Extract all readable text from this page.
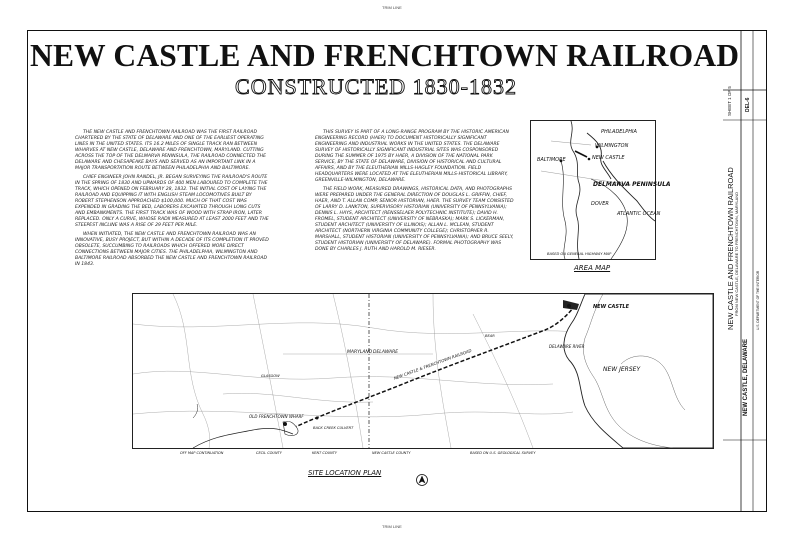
TRIM LINE
TRIM LINE
NEW CASTLE AND FRENCHTOWN RAILROAD
CONSTRUCTED 1830-1832

THE NEW CASTLE AND FRENCHTOWN RAILROAD WAS THE FIRST RAILROAD CHARTERED BY THE STATE OF DELAWARE AND ONE OF THE EARLIEST OPERATING LINES IN THE UNITED STATES. ITS 16.2 MILES OF SINGLE TRACK RAN BETWEEN WHARVES AT NEW CASTLE, DELAWARE AND FRENCHTOWN, MARYLAND. CUTTING ACROSS THE TOP OF THE DELMARVA PENINSULA, THE RAILROAD CONNECTED THE DELAWARE AND CHESAPEAKE BAYS AND SERVED AS AN IMPORTANT LINK IN A MAJOR TRANSPORTATION ROUTE BETWEEN PHILADELPHIA AND BALTIMORE.

CHIEF ENGINEER JOHN RANDEL, JR. BEGAN SURVEYING THE RAILROAD'S ROUTE IN THE SPRING OF 1830 AND UPWARDS OF 400 MEN LABOURED TO COMPLETE THE TRACK, WHICH OPENED ON FEBRUARY 28, 1832. THE INITIAL COST OF LAYING THE RAILROAD AND EQUIPPING IT WITH ENGLISH STEAM LOCOMOTIVES BUILT BY ROBERT STEPHENSON APPROACHED $100,000. MUCH OF THAT COST WAS EXPENDED IN GRADING THE BED, LABORERS EXCAVATED THROUGH LONG CUTS AND EMBANKMENTS. THE FIRST TRACK WAS OF WOOD WITH STRAP IRON, LATER REPLACED. ONLY A CURVE, WHOSE RADII MEASURED AT LEAST 2000 FEET AND THE STEEPEST INCLINE WAS A RISE OF 29 FEET PER MILE.

WHEN INITIATED, THE NEW CASTLE AND FRENCHTOWN RAILROAD WAS AN INNOVATIVE, BUSY PROJECT, BUT WITHIN A DECADE OF ITS COMPLETION IT PROVED OBSOLETE, SUCCUMBING TO RAILROADS WHICH OFFERED MORE DIRECT CONNECTIONS BETWEEN MAJOR CITIES. THE PHILADELPHIA, WILMINGTON AND BALTIMORE RAILROAD ABSORBED THE NEW CASTLE AND FRENCHTOWN RAILROAD IN 1843.

THIS SURVEY IS PART OF A LONG-RANGE PROGRAM BY THE HISTORIC AMERICAN ENGINEERING RECORD (HAER) TO DOCUMENT HISTORICALLY SIGNIFICANT ENGINEERING AND INDUSTRIAL WORKS IN THE UNITED STATES. THE DELAWARE SURVEY OF HISTORICALLY SIGNIFICANT INDUSTRIAL SITES WAS COSPONSORED DURING THE SUMMER OF 1975 BY HAER, A DIVISION OF THE NATIONAL PARK SERVICE, BY THE STATE OF DELAWARE, DIVISION OF HISTORICAL AND CULTURAL AFFAIRS, AND BY THE ELEUTHERIAN MILLS-HAGLEY FOUNDATION. FIELD HEADQUARTERS WERE LOCATED AT THE ELEUTHERIAN MILLS-HISTORICAL LIBRARY, GREENVILLE-WILMINGTON, DELAWARE.

THE FIELD WORK, MEASURED DRAWINGS, HISTORICAL DATA, AND PHOTOGRAPHS WERE PREPARED UNDER THE GENERAL DIRECTION OF DOUGLAS L. GRIFFIN, CHIEF, HAER, AND T. ALLAN COMP, SENIOR HISTORIAN, HAER. THE SURVEY TEAM CONSISTED OF LARRY D. LANKTON, SUPERVISORY HISTORIAN (UNIVERSITY OF PENNSYLVANIA); DENNIS L. HAYS, ARCHITECT (RENSSELAER POLYTECHNIC INSTITUTE); DAVID H. FROMEL, STUDENT ARCHITECT (UNIVERSITY OF NEBRASKA); MARK S. LICKERMAN, STUDENT ARCHITECT (UNIVERSITY OF ILLINOIS); ALLAN L. MCLEAN, STUDENT ARCHITECT (NORTHERN VIRGINIA COMMUNITY COLLEGE); CHRISTOPHER R. MARSHALL, STUDENT HISTORIAN (UNIVERSITY OF PENNSYLVANIA); AND BRUCE SEELY, STUDENT HISTORIAN (UNIVERSITY OF DELAWARE). FORMAL PHOTOGRAPHY WAS DONE BY CHARLES J. RUTH AND HAROLD M. RIESER.

PHILADELPHIA
WILMINGTON
NEW CASTLE
BALTIMORE
DELMARVA PENINSULA
ATLANTIC OCEAN
DOVER
BASED ON GENERAL HIGHWAY MAP
AREA MAP
NEW CASTLE
NEW JERSEY
DELAWARE RIVER
MARYLAND DELAWARE
OLD FRENCHTOWN WHARF
BACK CREEK CULVERT
NEW CASTLE & FRENCHTOWN RAILROAD
BEAR
GLASGOW
OFF MAP CONTINUATION	CECIL COUNTY	KENT COUNTY	NEW CASTLE COUNTY	BASED ON U.S. GEOLOGICAL SURVEY
SITE LOCATION PLAN
NEW CASTLE AND FRENCHTOWN RAILROAD FROM NEW CASTLE, DELAWARE TO FRENCHTOWN, MARYLAND
NEW CASTLE, DELAWARE
U.S. DEPARTMENT OF THE INTERIOR
SHEET 1 OF 5	DEL-6
